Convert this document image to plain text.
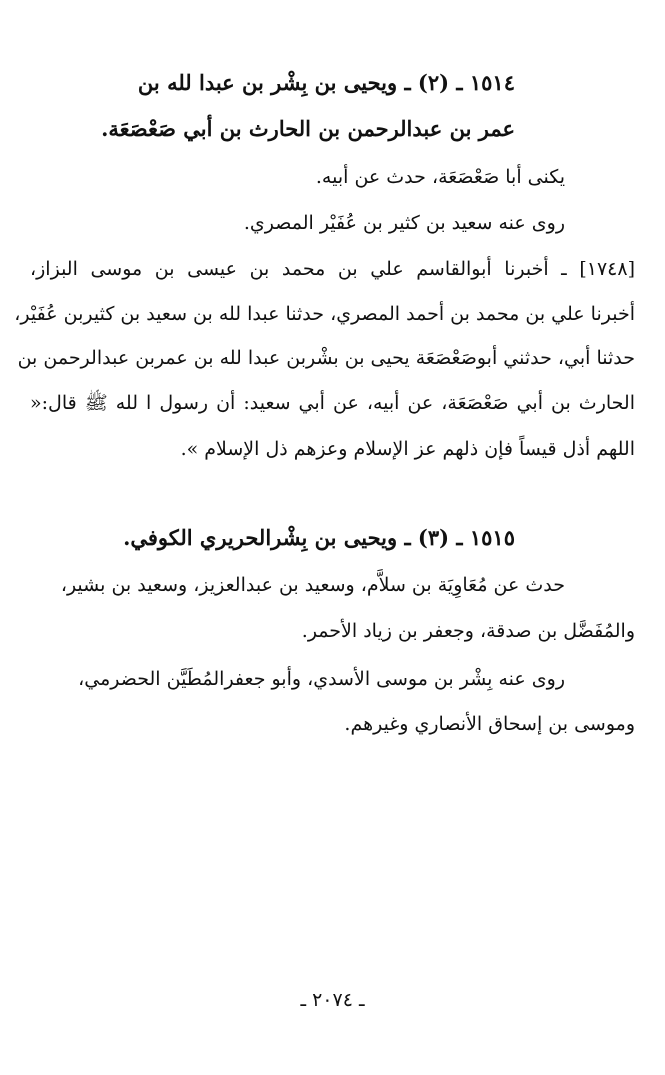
١٥١٤ ـ (٢) ـ ويحيى بن بِشْر بن عبدا لله بن
عمر بن عبدالرحمن بن الحارث بن أبي صَعْصَعَة.
يكنى أبا صَعْصَعَة، حدث عن أبيه.
روى عنه سعيد بن كثير بن عُفَيْر المصري.
[١٧٤٨] ـ أخبرنا أبوالقاسم علي بن محمد بن عيسى بن موسى البزاز،
أخبرنا علي بن محمد بن أحمد المصري، حدثنا عبدا لله بن سعيد بن كثيربن عُفَيْر،
حدثنا أبي، حدثني أبوصَعْصَعَة يحيى بن بشْربن عبدا لله بن عمربن عبدالرحمن بن
الحارث بن أبي صَعْصَعَة، عن أبيه، عن أبي سعيد: أن رسول ا لله ﷺ قال:«
اللهم أذل قيساً فإن ذلهم عز الإسلام وعزهم ذل الإسلام ».
١٥١٥ ـ (٣) ـ ويحيى بن بِشْرالحريري الكوفي.
حدث عن مُعَاوِيَة بن سلاَّم، وسعيد بن عبدالعزيز، وسعيد بن بشير،
والمُفَضَّل بن صدقة، وجعفر بن زياد الأحمر.
روى عنه بِشْر بن موسى الأسدي، وأبو جعفرالمُطَيَّن الحضرمي،
وموسى بن إسحاق الأنصاري وغيرهم.
ـ ٢٠٧٤ ـ
